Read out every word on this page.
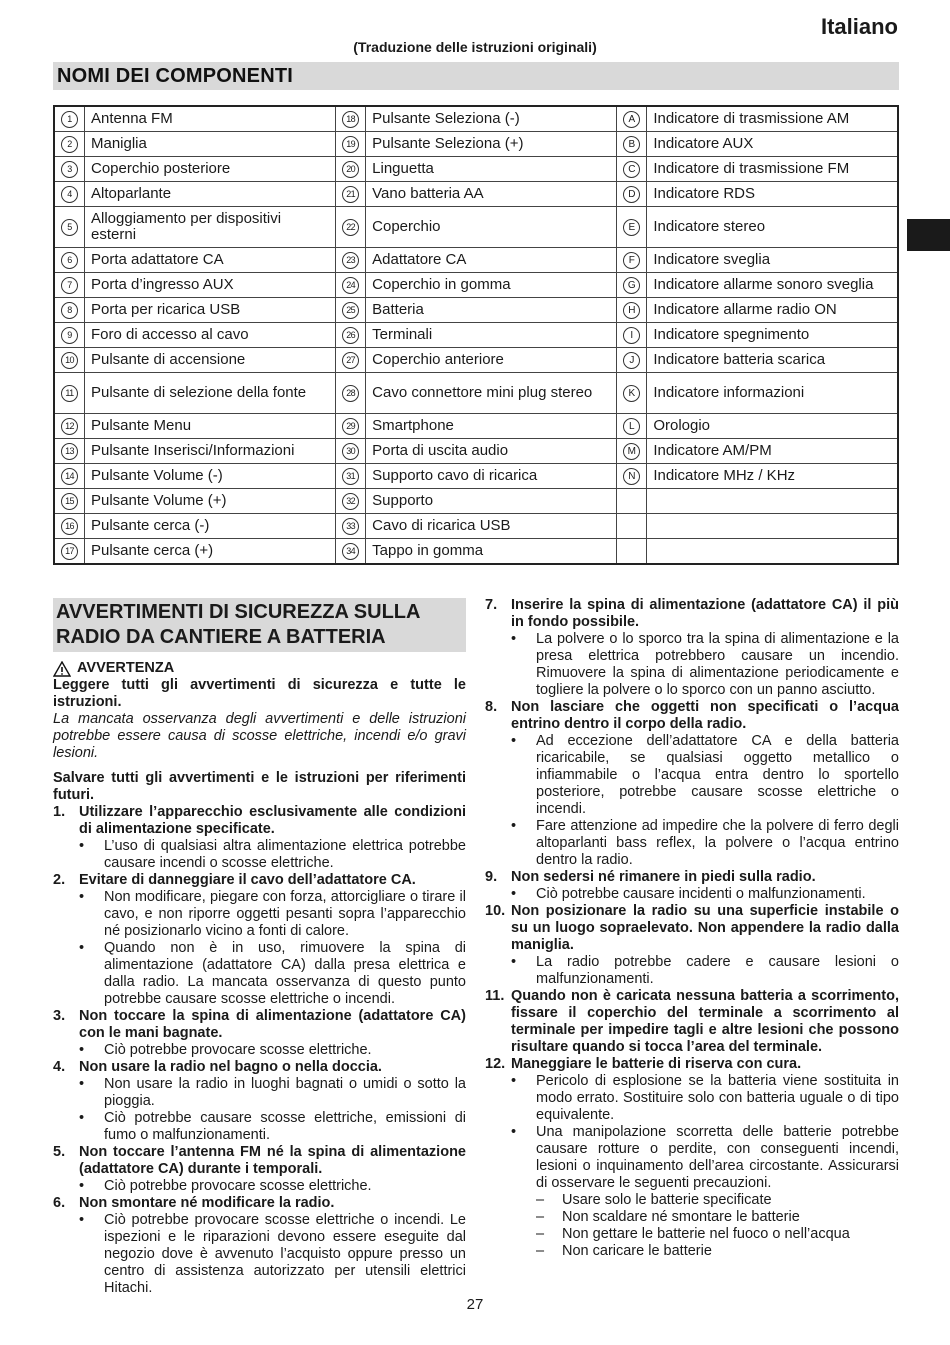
Italiano
(Traduzione delle istruzioni originali)
NOMI DEI COMPONENTI
1	Antenna FM	18	Pulsante Seleziona (-)	A	Indicatore di trasmissione AM
2	Maniglia	19	Pulsante Seleziona (+)	B	Indicatore AUX
3	Coperchio posteriore	20	Linguetta	C	Indicatore di trasmissione FM
4	Altoparlante	21	Vano batteria AA	D	Indicatore RDS
5	Alloggiamento per dispositivi esterni	22	Coperchio	E	Indicatore stereo
6	Porta adattatore CA	23	Adattatore CA	F	Indicatore sveglia
7	Porta d’ingresso AUX	24	Coperchio in gomma	G	Indicatore allarme sonoro sveglia
8	Porta per ricarica USB	25	Batteria	H	Indicatore allarme radio ON
9	Foro di accesso al cavo	26	Terminali	I	Indicatore spegnimento
10	Pulsante di accensione	27	Coperchio anteriore	J	Indicatore batteria scarica
11	Pulsante di selezione della fonte	28	Cavo connettore mini plug stereo	K	Indicatore informazioni
12	Pulsante Menu	29	Smartphone	L	Orologio
13	Pulsante Inserisci/Informazioni	30	Porta di uscita audio	M	Indicatore AM/PM
14	Pulsante Volume (-)	31	Supporto cavo di ricarica	N	Indicatore MHz / KHz
15	Pulsante Volume (+)	32	Supporto		
16	Pulsante cerca (-)	33	Cavo di ricarica USB		
17	Pulsante cerca (+)	34	Tappo in gomma		
AVVERTIMENTI DI SICUREZZA SULLA RADIO DA CANTIERE A BATTERIA
AVVERTENZA
Leggere tutti gli avvertimenti di sicurezza e tutte le istruzioni.
La mancata osservanza degli avvertimenti e delle istruzioni potrebbe essere causa di scosse elettriche, incendi e/o gravi lesioni.
Salvare tutti gli avvertimenti e le istruzioni per riferimenti futuri.
1. Utilizzare l’apparecchio esclusivamente alle condizioni di alimentazione specificate.
•	L’uso di qualsiasi altra alimentazione elettrica potrebbe causare incendi o scosse elettriche.
2. Evitare di danneggiare il cavo dell’adattatore CA.
•	Non modificare, piegare con forza, attorcigliare o tirare il cavo, e non riporre oggetti pesanti sopra l’apparecchio né posizionarlo vicino a fonti di calore.
•	Quando non è in uso, rimuovere la spina di alimentazione (adattatore CA) dalla presa elettrica e dalla radio. La mancata osservanza di questo punto potrebbe causare scosse elettriche o incendi.
3. Non toccare la spina di alimentazione (adattatore CA) con le mani bagnate.
•	Ciò potrebbe provocare scosse elettriche.
4. Non usare la radio nel bagno o nella doccia.
•	Non usare la radio in luoghi bagnati o umidi o sotto la pioggia.
•	Ciò potrebbe causare scosse elettriche, emissioni di fumo o malfunzionamenti.
5. Non toccare l’antenna FM né la spina di alimentazione (adattatore CA) durante i temporali.
•	Ciò potrebbe provocare scosse elettriche.
6. Non smontare né modificare la radio.
•	Ciò potrebbe provocare scosse elettriche o incendi. Le ispezioni e le riparazioni devono essere eseguite dal negozio dove è avvenuto l’acquisto oppure presso un centro di assistenza autorizzato per utensili elettrici Hitachi.
7. Inserire la spina di alimentazione (adattatore CA) il più in fondo possibile.
•	La polvere o lo sporco tra la spina di alimentazione e la presa elettrica potrebbero causare un incendio. Rimuovere la spina di alimentazione periodicamente e togliere la polvere o lo sporco con un panno asciutto.
8. Non lasciare che oggetti non specificati o l’acqua entrino dentro il corpo della radio.
•	Ad eccezione dell’adattatore CA e della batteria ricaricabile, se qualsiasi oggetto metallico o infiammabile o l’acqua entra dentro lo sportello posteriore, potrebbe causare scosse elettriche o incendi.
•	Fare attenzione ad impedire che la polvere di ferro degli altoparlanti bass reflex, la polvere o l’acqua entrino dentro la radio.
9. Non sedersi né rimanere in piedi sulla radio.
•	Ciò potrebbe causare incidenti o malfunzionamenti.
10. Non posizionare la radio su una superficie instabile o su un luogo sopraelevato. Non appendere la radio dalla maniglia.
•	La radio potrebbe cadere e causare lesioni o malfunzionamenti.
11. Quando non è caricata nessuna batteria a scorrimento, fissare il coperchio del terminale a scorrimento al terminale per impedire tagli e altre lesioni che possono risultare quando si tocca l’area del terminale.
12. Maneggiare le batterie di riserva con cura.
•	Pericolo di esplosione se la batteria viene sostituita in modo errato. Sostituire solo con batteria uguale o di tipo equivalente.
•	Una manipolazione scorretta delle batterie potrebbe causare rotture o perdite, con conseguenti incendi, lesioni o inquinamento dell’area circostante. Assicurarsi di osservare le seguenti precauzioni.
–	Usare solo le batterie specificate
–	Non scaldare né smontare le batterie
–	Non gettare le batterie nel fuoco o nell’acqua
–	Non caricare le batterie
27
